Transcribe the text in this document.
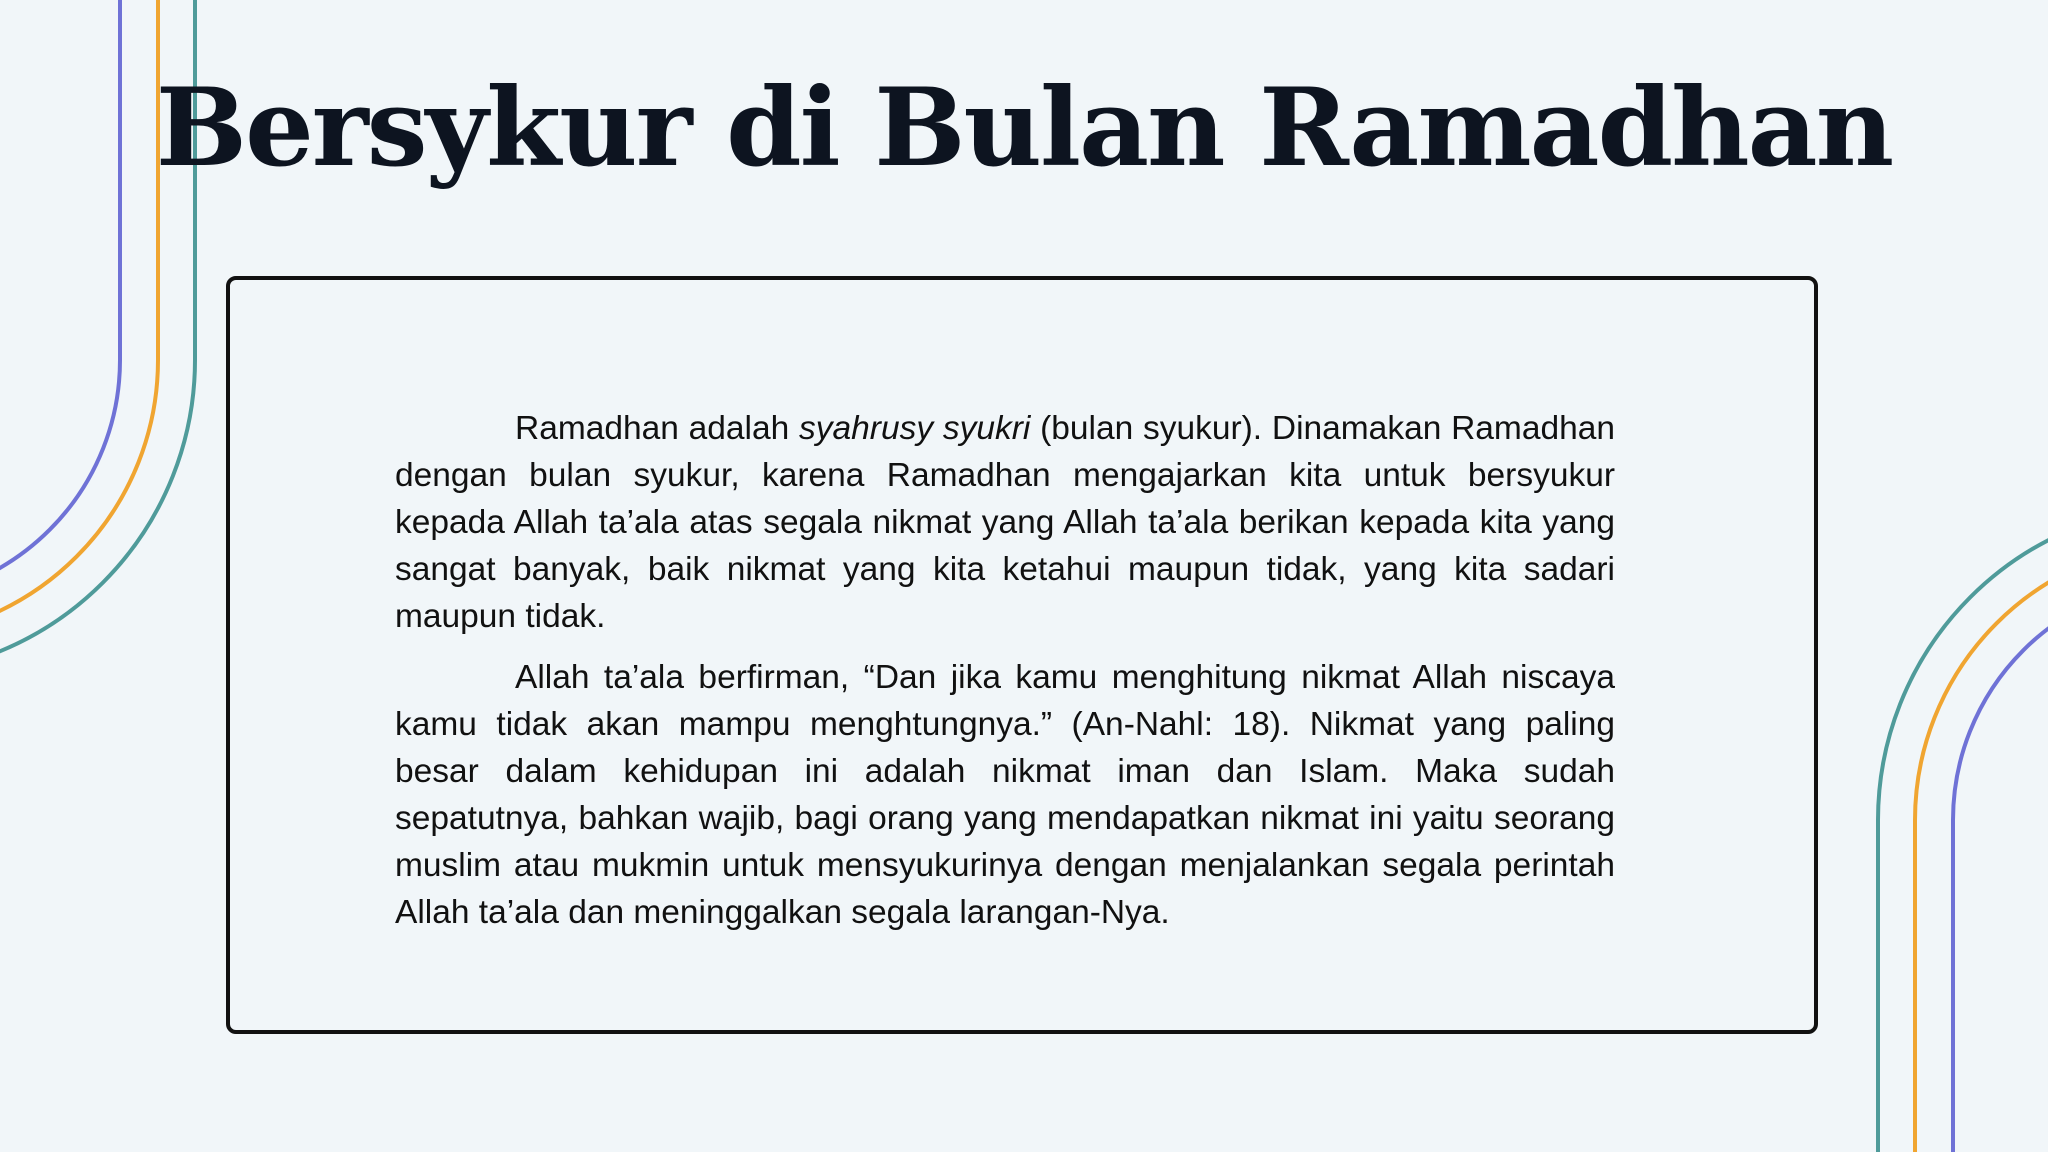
Bersykur di Bulan Ramadhan

Ramadhan adalah syahrusy syukri (bulan syukur). Dinamakan Ramadhan dengan bulan syukur, karena Ramadhan mengajarkan kita untuk bersyukur kepada Allah ta’ala atas segala nikmat yang Allah ta’ala berikan kepada kita yang sangat banyak, baik nikmat yang kita ketahui maupun tidak, yang kita sadari maupun tidak.

Allah ta’ala berfirman, “Dan jika kamu menghitung nikmat Allah niscaya kamu tidak akan mampu menghtungnya.” (An-Nahl: 18). Nikmat yang paling besar dalam kehidupan ini adalah nikmat iman dan Islam. Maka sudah sepatutnya, bahkan wajib, bagi orang yang mendapatkan nikmat ini yaitu seorang muslim atau mukmin untuk mensyukurinya dengan menjalankan segala perintah Allah ta’ala dan meninggalkan segala larangan-Nya.
